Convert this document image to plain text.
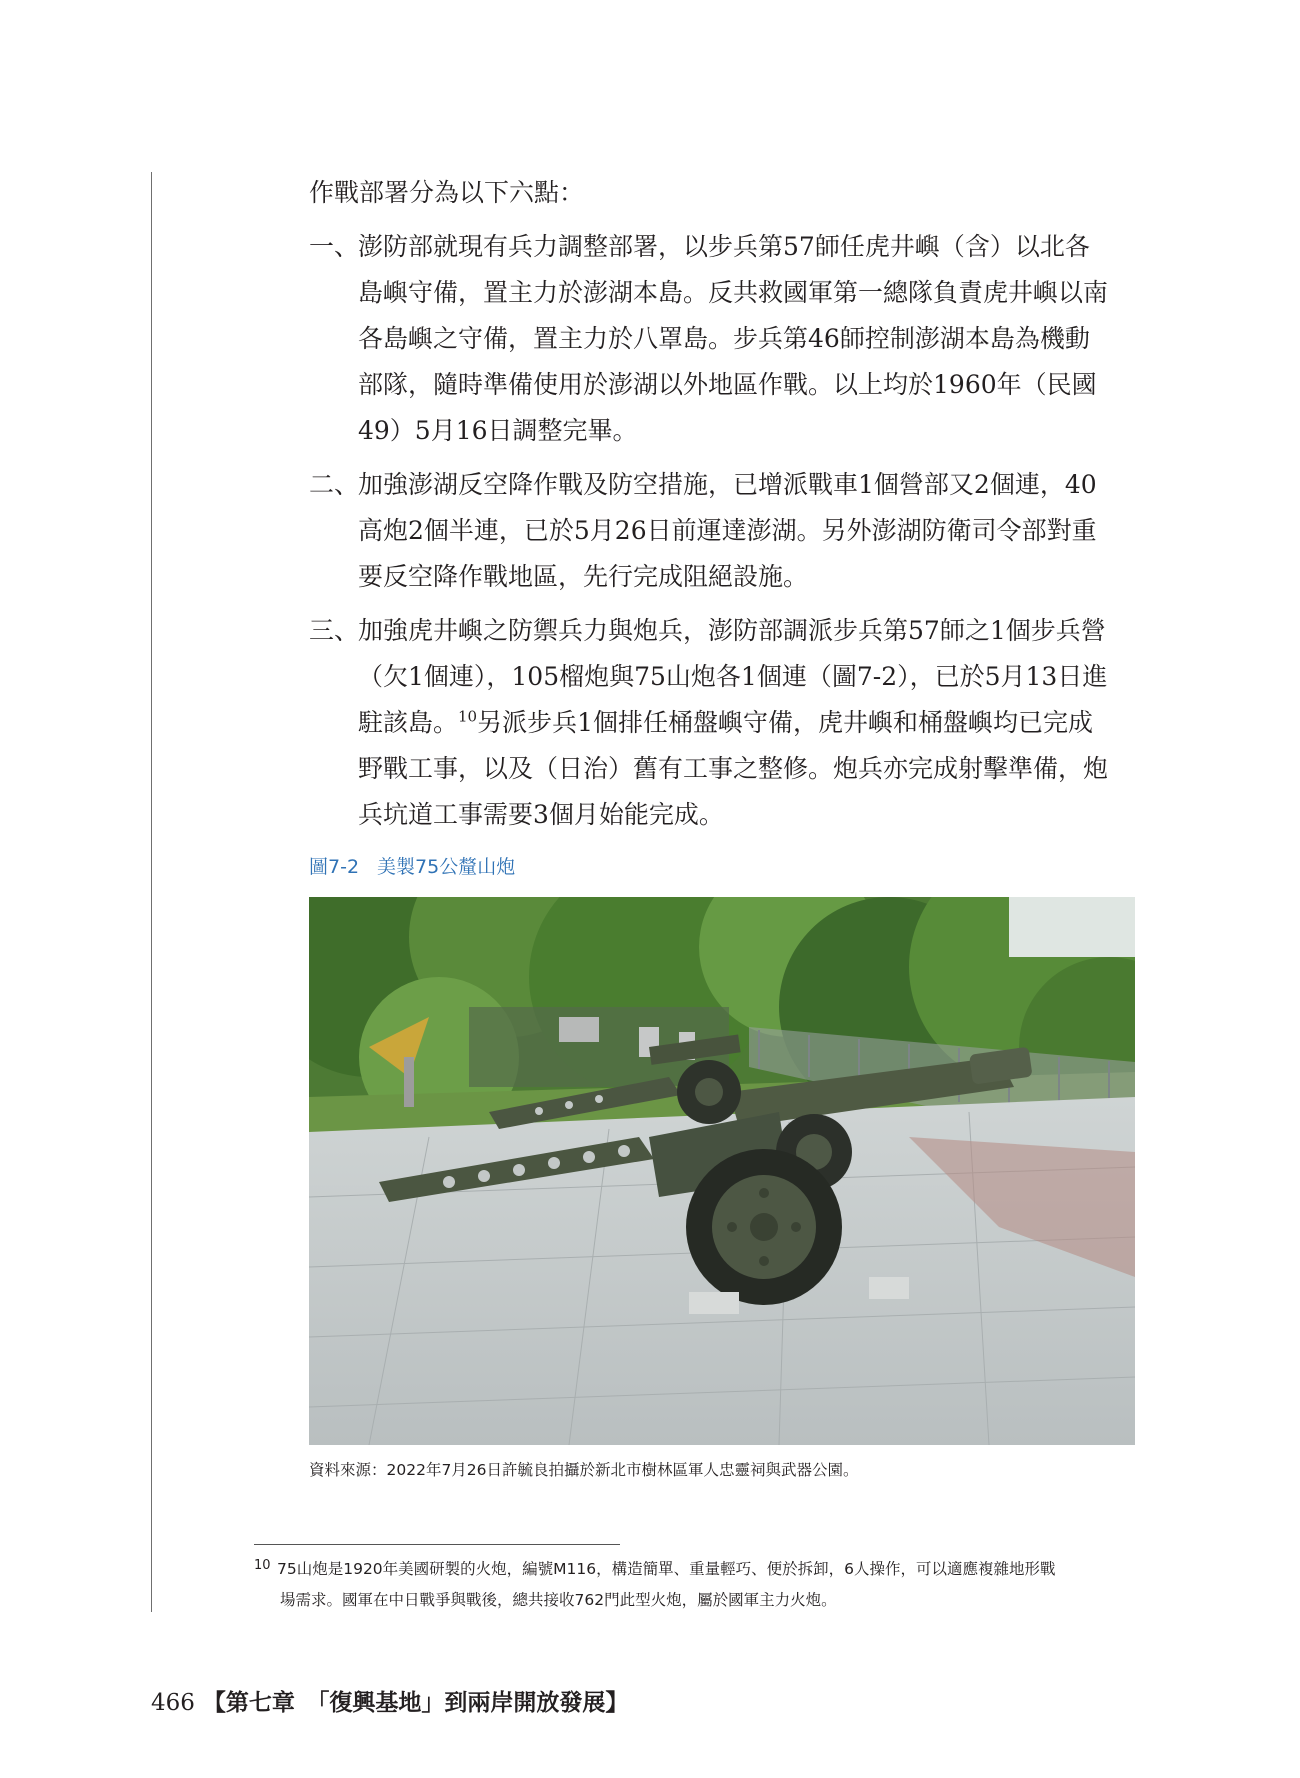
作戰部署分為以下六點：
一、
澎防部就現有兵力調整部署，以步兵第57師任虎井嶼（含）以北各
島嶼守備，置主力於澎湖本島。反共救國軍第一總隊負責虎井嶼以南
各島嶼之守備，置主力於八罩島。步兵第46師控制澎湖本島為機動
部隊，隨時準備使用於澎湖以外地區作戰。以上均於1960年（民國
49）5月16日調整完畢。
二、
加強澎湖反空降作戰及防空措施，已增派戰車1個營部又2個連，40
高炮2個半連，已於5月26日前運達澎湖。另外澎湖防衛司令部對重
要反空降作戰地區，先行完成阻絕設施。
三、
加強虎井嶼之防禦兵力與炮兵，澎防部調派步兵第57師之1個步兵營
（欠1個連），105榴炮與75山炮各1個連（圖7-2），已於5月13日進
駐該島。$^{10}$另派步兵1個排任桶盤嶼守備，虎井嶼和桶盤嶼均已完成
野戰工事，以及（日治）舊有工事之整修。炮兵亦完成射擊準備，炮
兵坑道工事需要3個月始能完成。
圖7-2 美製75公釐山炮
資料來源：2022年7月26日許毓良拍攝於新北市樹林區軍人忠靈祠與武器公園。
10 75山炮是1920年美國研製的火炮，編號M116，構造簡單、重量輕巧、便於拆卸，6人操作，可以適應複雜地形戰
場需求。國軍在中日戰爭與戰後，總共接收762門此型火炮，屬於國軍主力火炮。
466 【第七章　「復興基地」到兩岸開放發展】
